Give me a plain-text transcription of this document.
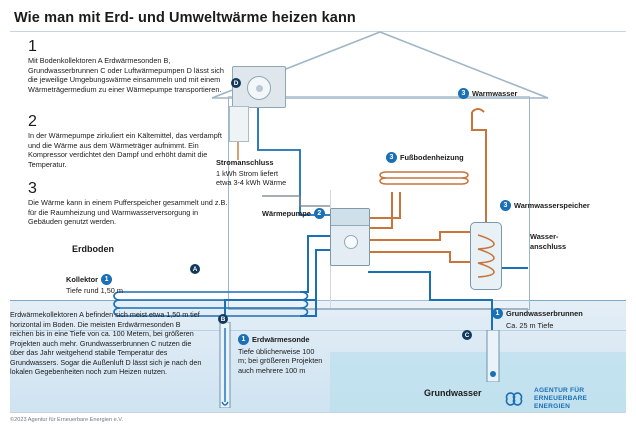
Wie man mit Erd- und Umweltwärme heizen kann
1
Mit Bodenkollektoren A Erdwärmesonden B, Grundwasserbrunnen C oder Luftwärmepumpen D lässt sich die jeweilige Umgebungswärme einsammeln und mit einem Wärmeträgermedium zu einer Wärmepumpe transportieren.
2
In der Wärmepumpe zirkuliert ein Kältemittel, das verdampft und die Wärme aus dem Wärmeträger aufnimmt. Ein Kompressor verdichtet den Dampf und erhöht damit die Temperatur.
3
Die Wärme kann in einem Pufferspeicher gesammelt und z.B. für die Raumheizung und Warmwasserversorgung in Gebäuden genutzt werden.
Erdwärmekollektoren A befinden sich meist etwa 1,50 m tief horizontal im Boden. Die meisten Erdwärmesonden B reichen bis in eine Tiefe von ca. 100 Metern, bei größeren Projekten auch mehr. Grundwasserbrunnen C nutzen die über das Jahr weitgehend stabile Temperatur des Grundwassers. Sogar die Außenluft D lässt sich je nach den lokalen Gegebenheiten noch zum Heizen nutzen.
Erdboden
Kollektor 1
Tiefe rund 1,50 m
1 Erdwärmesonde
Tiefe üblicherweise 100 m; bei größeren Projekten auch mehrere 100 m
1 Grundwasserbrunnen
Ca. 25 m Tiefe
Grundwasser
Stromanschluss
1 kWh Strom liefert
etwa 3-4 kWh Wärme
Wärmepumpe 2
3 Fußbodenheizung
3 Warmwasser
3 Warmwasserspeicher
Wasser-
anschluss
A
B
C
D
©2023 Agentur für Erneuerbare Energien e.V.
AGENTUR FÜR
ERNEUERBARE
ENERGIEN
